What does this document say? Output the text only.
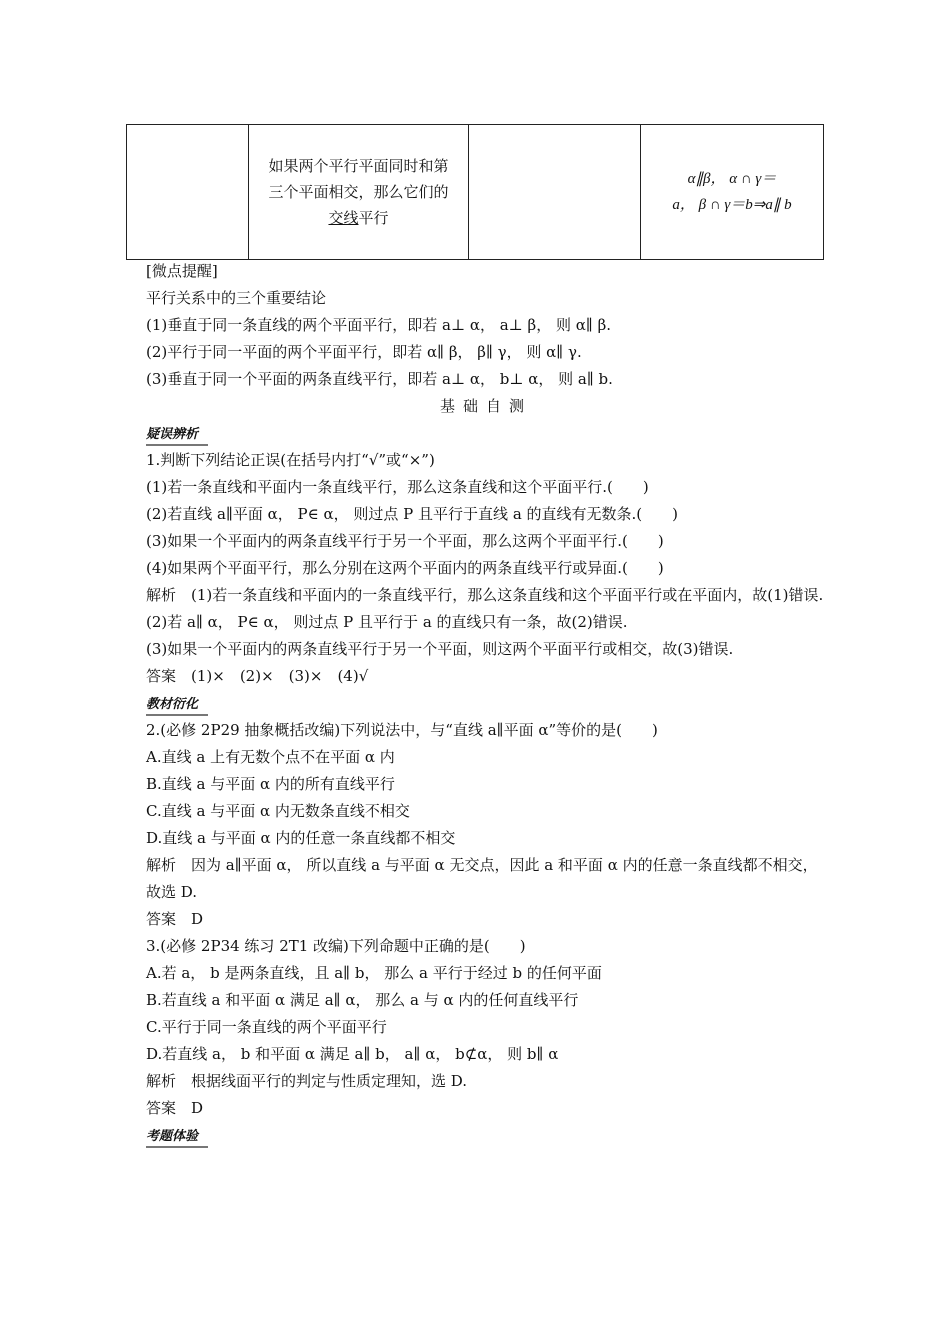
如果两个平行平面同时和第
三个平面相交，那么它们的
交线平行
α∥β， α ∩ γ＝
a， β ∩ γ＝b⇒a∥ b
[微点提醒]
平行关系中的三个重要结论
(1)垂直于同一条直线的两个平面平行，即若 a⊥ α， a⊥ β， 则 α∥ β.
(2)平行于同一平面的两个平面平行，即若 α∥ β， β∥ γ， 则 α∥ γ.
(3)垂直于同一个平面的两条直线平行，即若 a⊥ α， b⊥ α， 则 a∥ b.
基础自测
疑误辨析
1.判断下列结论正误(在括号内打“√”或“×”)
(1)若一条直线和平面内一条直线平行，那么这条直线和这个平面平行.(　　)
(2)若直线 a∥平面 α， P∈ α， 则过点 P 且平行于直线 a 的直线有无数条.(　　)
(3)如果一个平面内的两条直线平行于另一个平面，那么这两个平面平行.(　　)
(4)如果两个平面平行，那么分别在这两个平面内的两条直线平行或异面.(　　)
解析　(1)若一条直线和平面内的一条直线平行，那么这条直线和这个平面平行或在平面内，故(1)错误.
(2)若 a∥ α， P∈ α， 则过点 P 且平行于 a 的直线只有一条，故(2)错误.
(3)如果一个平面内的两条直线平行于另一个平面，则这两个平面平行或相交，故(3)错误.
答案　(1)×　(2)×　(3)×　(4)√
教材衍化
2.(必修 2P29 抽象概括改编)下列说法中，与“直线 a∥平面 α”等价的是(　　)
A.直线 a 上有无数个点不在平面 α 内
B.直线 a 与平面 α 内的所有直线平行
C.直线 a 与平面 α 内无数条直线不相交
D.直线 a 与平面 α 内的任意一条直线都不相交
解析　因为 a∥平面 α， 所以直线 a 与平面 α 无交点，因此 a 和平面 α 内的任意一条直线都不相交，故选 D.
答案　D
3.(必修 2P34 练习 2T1 改编)下列命题中正确的是(　　)
A.若 a， b 是两条直线，且 a∥ b， 那么 a 平行于经过 b 的任何平面
B.若直线 a 和平面 α 满足 a∥ α， 那么 a 与 α 内的任何直线平行
C.平行于同一条直线的两个平面平行
D.若直线 a， b 和平面 α 满足 a∥ b， a∥ α， b⊄α， 则 b∥ α
解析　根据线面平行的判定与性质定理知，选 D.
答案　D
考题体验
